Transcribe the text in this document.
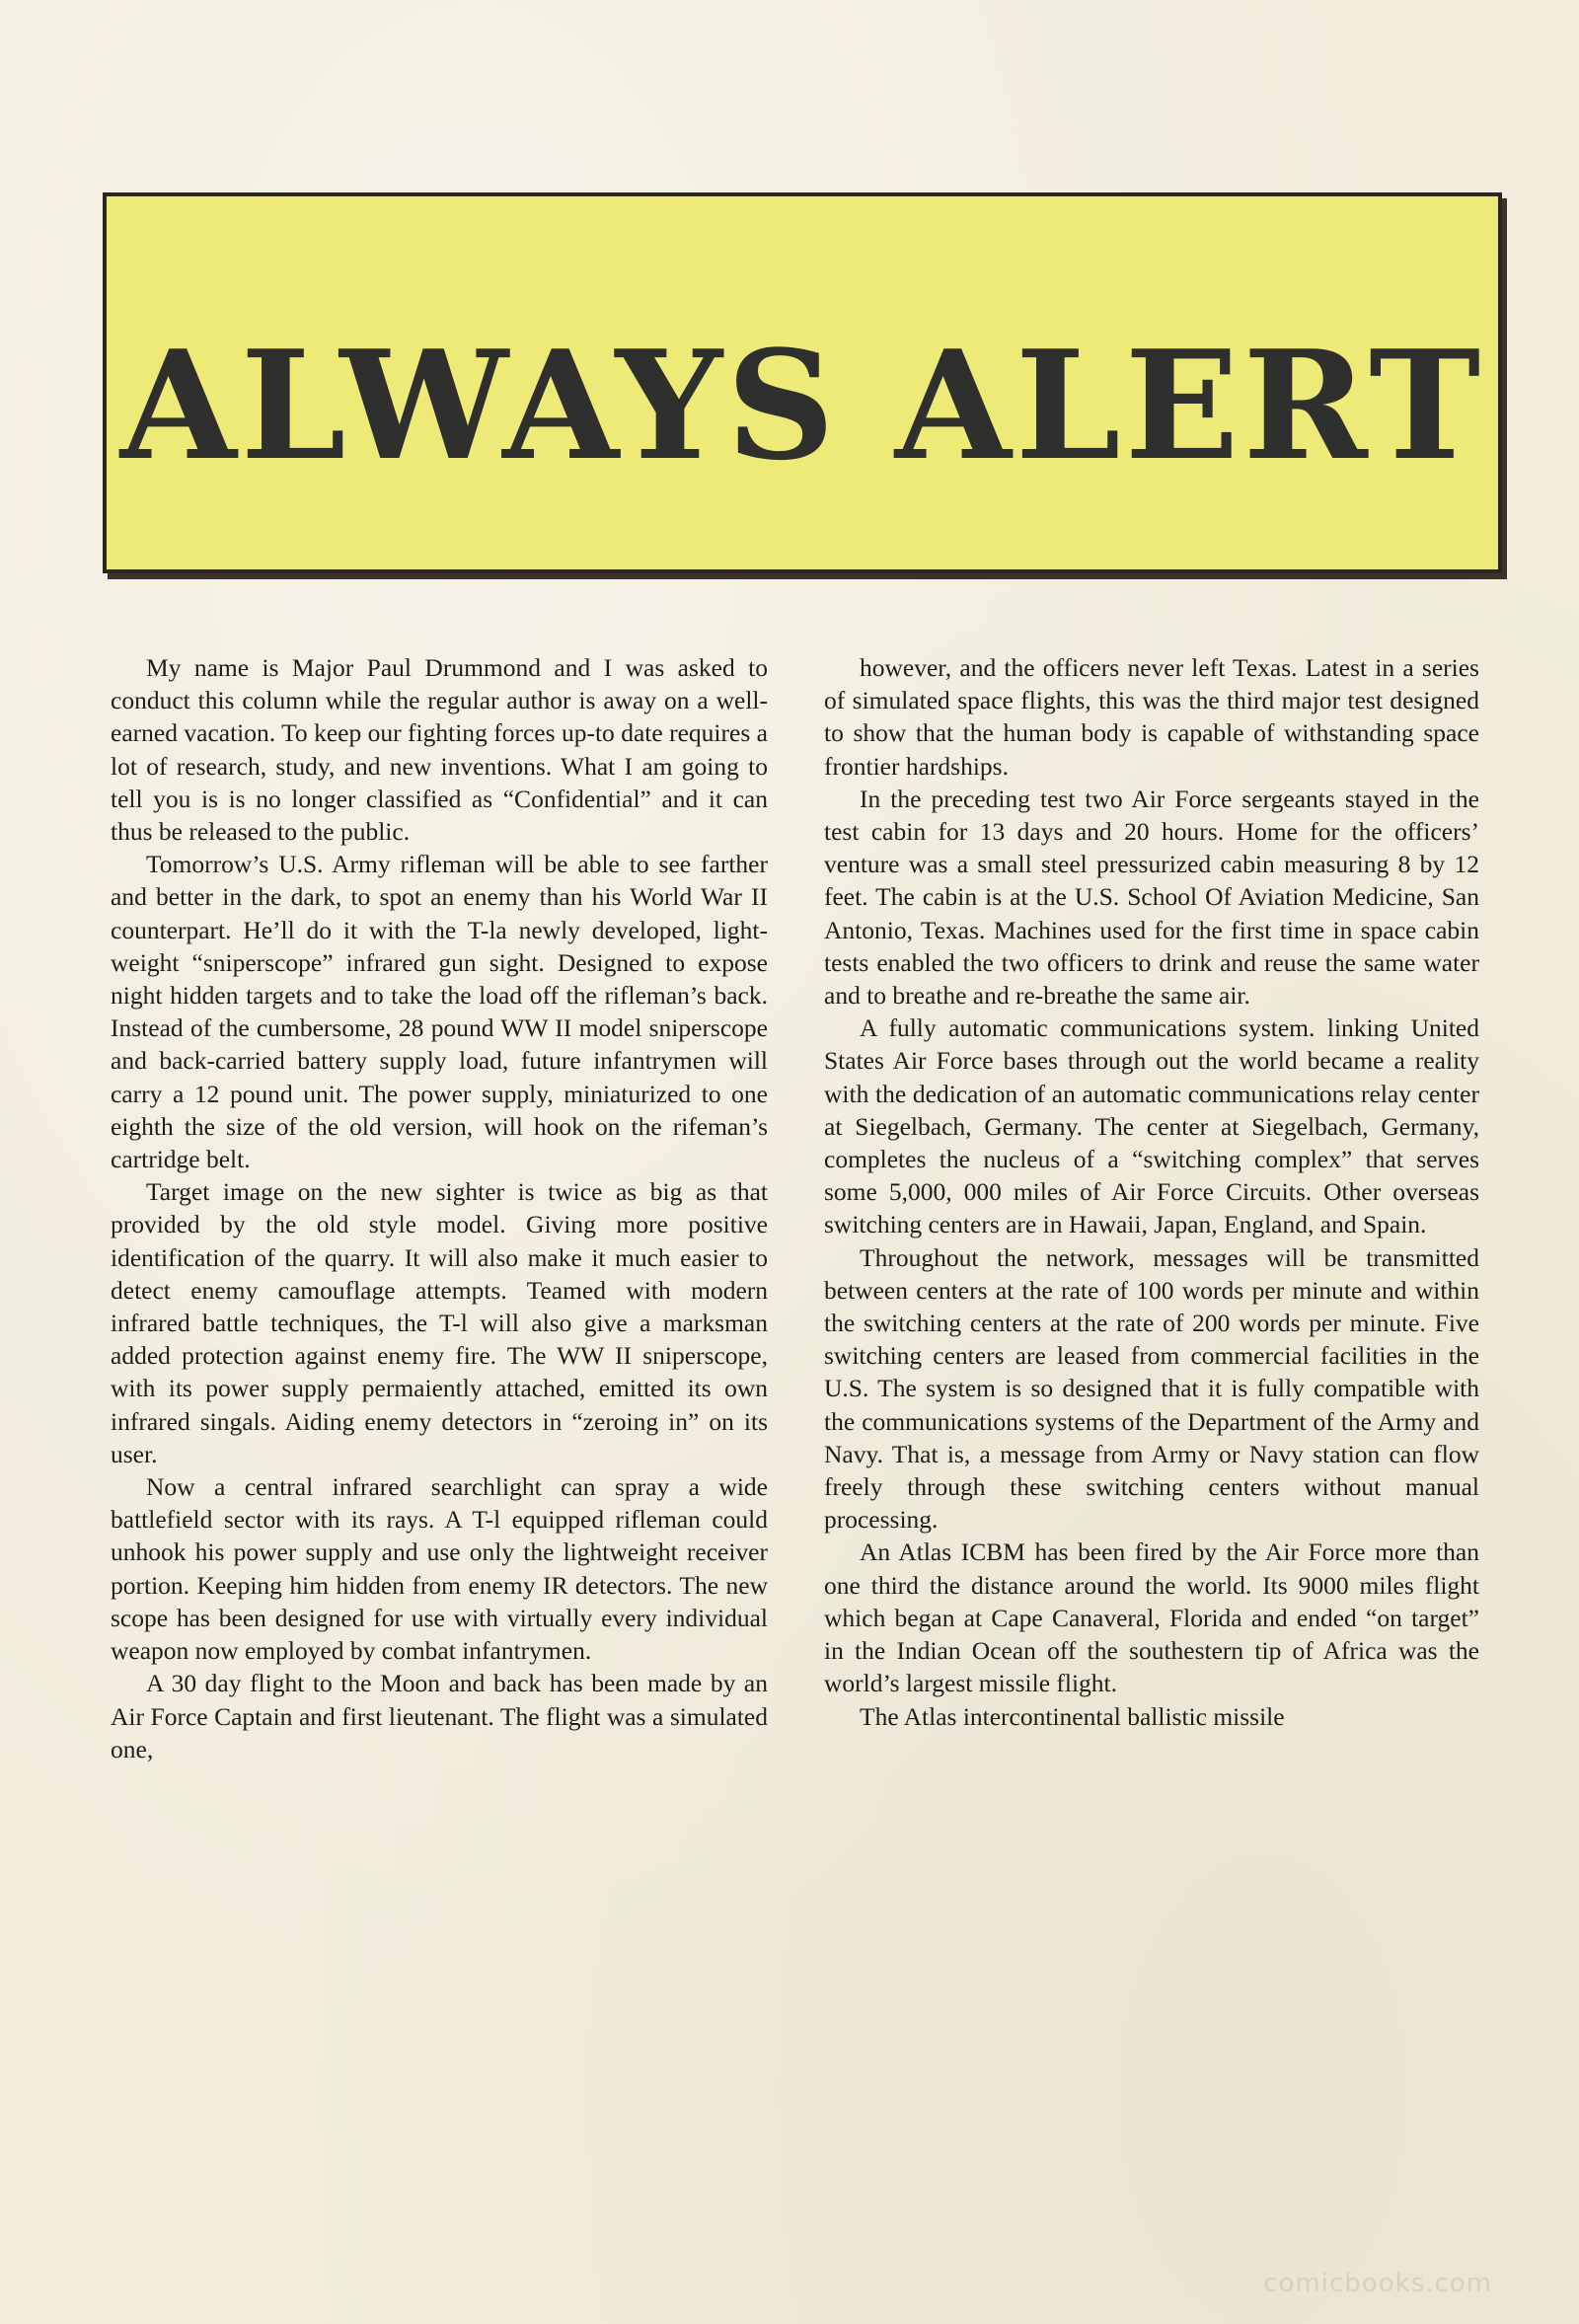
ALWAYS ALERT

My name is Major Paul Drummond and I was asked to conduct this column while the regular author is away on a well-earned vacation. To keep our fighting forces up-to date requires a lot of research, study, and new inventions. What I am going to tell you is is no longer classified as “Confidential” and it can thus be released to the public.

Tomorrow’s U.S. Army rifleman will be able to see farther and better in the dark, to spot an enemy than his World War II counterpart. He’ll do it with the T-la newly developed, light-weight “sniperscope” infrared gun sight. Designed to expose night hidden targets and to take the load off the rifleman’s back. Instead of the cumbersome, 28 pound WW II model sniperscope and back-carried battery supply load, future infantrymen will carry a 12 pound unit. The power supply, miniaturized to one eighth the size of the old version, will hook on the rifeman’s cartridge belt.

Target image on the new sighter is twice as big as that provided by the old style model. Giving more positive identification of the quarry. It will also make it much easier to detect enemy camouflage attempts. Teamed with modern infrared battle techniques, the T-l will also give a marksman added protection against enemy fire. The WW II sniperscope, with its power supply permaiently attached, emitted its own infrared singals. Aiding enemy detectors in “zeroing in” on its user.

Now a central infrared searchlight can spray a wide battlefield sector with its rays. A T-l equipped rifleman could unhook his power supply and use only the lightweight receiver portion. Keeping him hidden from enemy IR detectors. The new scope has been designed for use with virtually every individual weapon now employed by combat infantrymen.

A 30 day flight to the Moon and back has been made by an Air Force Captain and first lieutenant. The flight was a simulated one,

however, and the officers never left Texas. Latest in a series of simulated space flights, this was the third major test designed to show that the human body is capable of withstanding space frontier hardships.

In the preceding test two Air Force sergeants stayed in the test cabin for 13 days and 20 hours. Home for the officers’ venture was a small steel pressurized cabin measuring 8 by 12 feet. The cabin is at the U.S. School Of Aviation Medicine, San Antonio, Texas. Machines used for the first time in space cabin tests enabled the two officers to drink and reuse the same water and to breathe and re-breathe the same air.

A fully automatic communications system. linking United States Air Force bases through out the world became a reality with the dedication of an automatic communications relay center at Siegelbach, Germany. The center at Siegelbach, Germany, completes the nucleus of a “switching complex” that serves some 5,000, 000 miles of Air Force Circuits. Other overseas switching centers are in Hawaii, Japan, England, and Spain.

Throughout the network, messages will be transmitted between centers at the rate of 100 words per minute and within the switching centers at the rate of 200 words per minute. Five switching centers are leased from commercial facilities in the U.S. The system is so designed that it is fully compatible with the communications systems of the Department of the Army and Navy. That is, a message from Army or Navy station can flow freely through these switching centers without manual processing.

An Atlas ICBM has been fired by the Air Force more than one third the distance around the world. Its 9000 miles flight which began at Cape Canaveral, Florida and ended “on target” in the Indian Ocean off the southestern tip of Africa was the world’s largest missile flight.

The Atlas intercontinental ballistic missile

comicbooks.com
